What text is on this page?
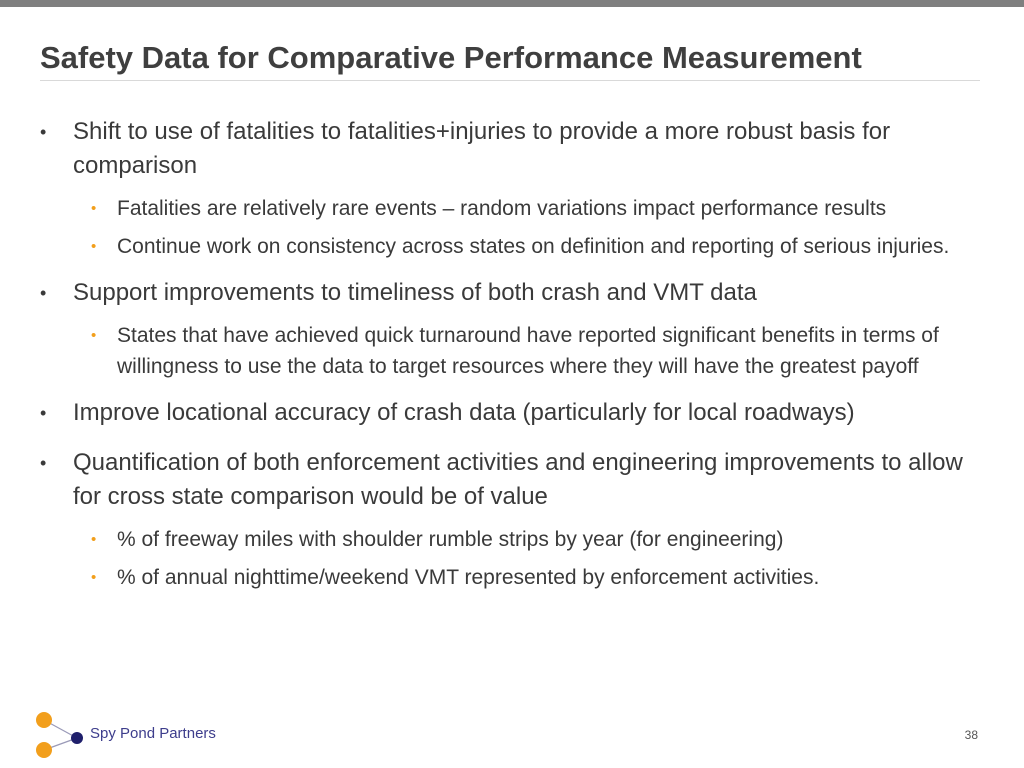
Safety Data for Comparative Performance Measurement
• Shift to use of fatalities to fatalities+injuries to provide a more robust basis for comparison
• Fatalities are relatively rare events – random variations impact performance results
• Continue work on consistency across states on definition and reporting of serious injuries.
• Support improvements to timeliness of both crash and VMT data
• States that have achieved quick turnaround have reported significant benefits in terms of willingness to use the data to target resources where they will have the greatest payoff
• Improve locational accuracy of crash data (particularly for local roadways)
• Quantification of both enforcement activities and engineering improvements to allow for cross state comparison would be of value
• % of freeway miles with shoulder rumble strips by year (for engineering)
• % of annual nighttime/weekend VMT represented by enforcement activities.
Spy Pond Partners	38
